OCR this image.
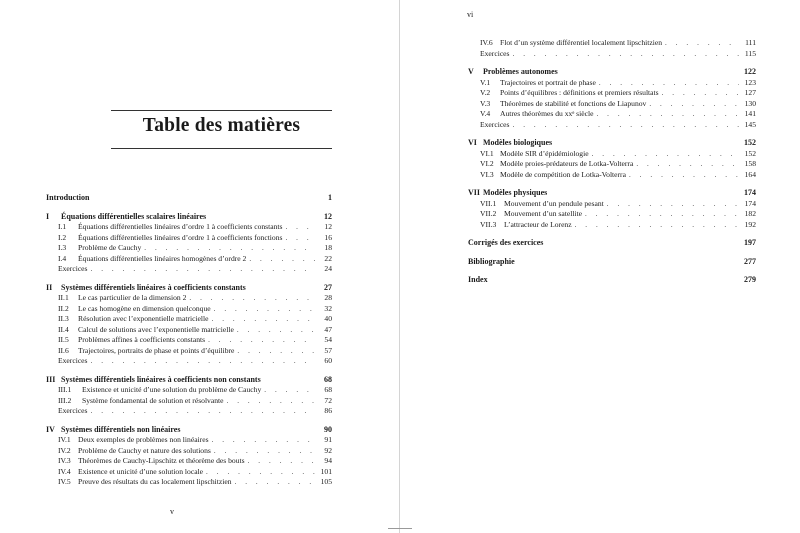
Table des matières
Introduction	1
I	Équations différentielles scalaires linéaires	12
I.1	Équations différentielles linéaires d’ordre 1 à coefficients constants . . .	12
I.2	Équations différentielles linéaires d’ordre 1 à coefficients fonctions . . .	16
I.3	Problème de Cauchy . . .	18
I.4	Équations différentielles linéaires homogènes d’ordre 2 . . .	22
Exercices . . .	24
II	Systèmes différentiels linéaires à coefficients constants	27
II.1	Le cas particulier de la dimension 2 . . .	28
II.2	Le cas homogène en dimension quelconque . . .	32
II.3	Résolution avec l’exponentielle matricielle . . .	40
II.4	Calcul de solutions avec l’exponentielle matricielle . . .	47
II.5	Problèmes affines à coefficients constants . . .	54
II.6	Trajectoires, portraits de phase et points d’équilibre . . .	57
Exercices . . .	60
III Systèmes différentiels linéaires à coefficients non constants	68
III.1	Existence et unicité d’une solution du problème de Cauchy . . .	68
III.2	Système fondamental de solution et résolvante . . .	72
Exercices . . .	86
IV Systèmes différentiels non linéaires	90
IV.1 Deux exemples de problèmes non linéaires . . .	91
IV.2 Problème de Cauchy et nature des solutions . . .	92
IV.3 Théorèmes de Cauchy-Lipschitz et théorème des bouts . . .	94
IV.4 Existence et unicité d’une solution locale . . .	101
IV.5 Preuve des résultats du cas localement lipschitzien . . .	105
v
vi
IV.6 Flot d’un système différentiel localement lipschitzien . . .	111
Exercices . . .	115
V	Problèmes autonomes	122
V.1	Trajectoires et portrait de phase . . .	123
V.2	Points d’équilibres : définitions et premiers résultats . . .	127
V.3	Théorèmes de stabilité et fonctions de Liapunov . . .	130
V.4	Autres théorèmes du xxᵉ siècle . . .	141
Exercices . . .	145
VI Modèles biologiques	152
VI.1 Modèle SIR d’épidémiologie . . .	152
VI.2 Modèle proies-prédateurs de Lotka-Volterra . . .	158
VI.3 Modèle de compétition de Lotka-Volterra . . .	164
VII Modèles physiques	174
VII.1	Mouvement d’un pendule pesant . . .	174
VII.2	Mouvement d’un satellite . . .	182
VII.3	L’attracteur de Lorenz . . .	192
Corrigés des exercices	197
Bibliographie	277
Index	279
